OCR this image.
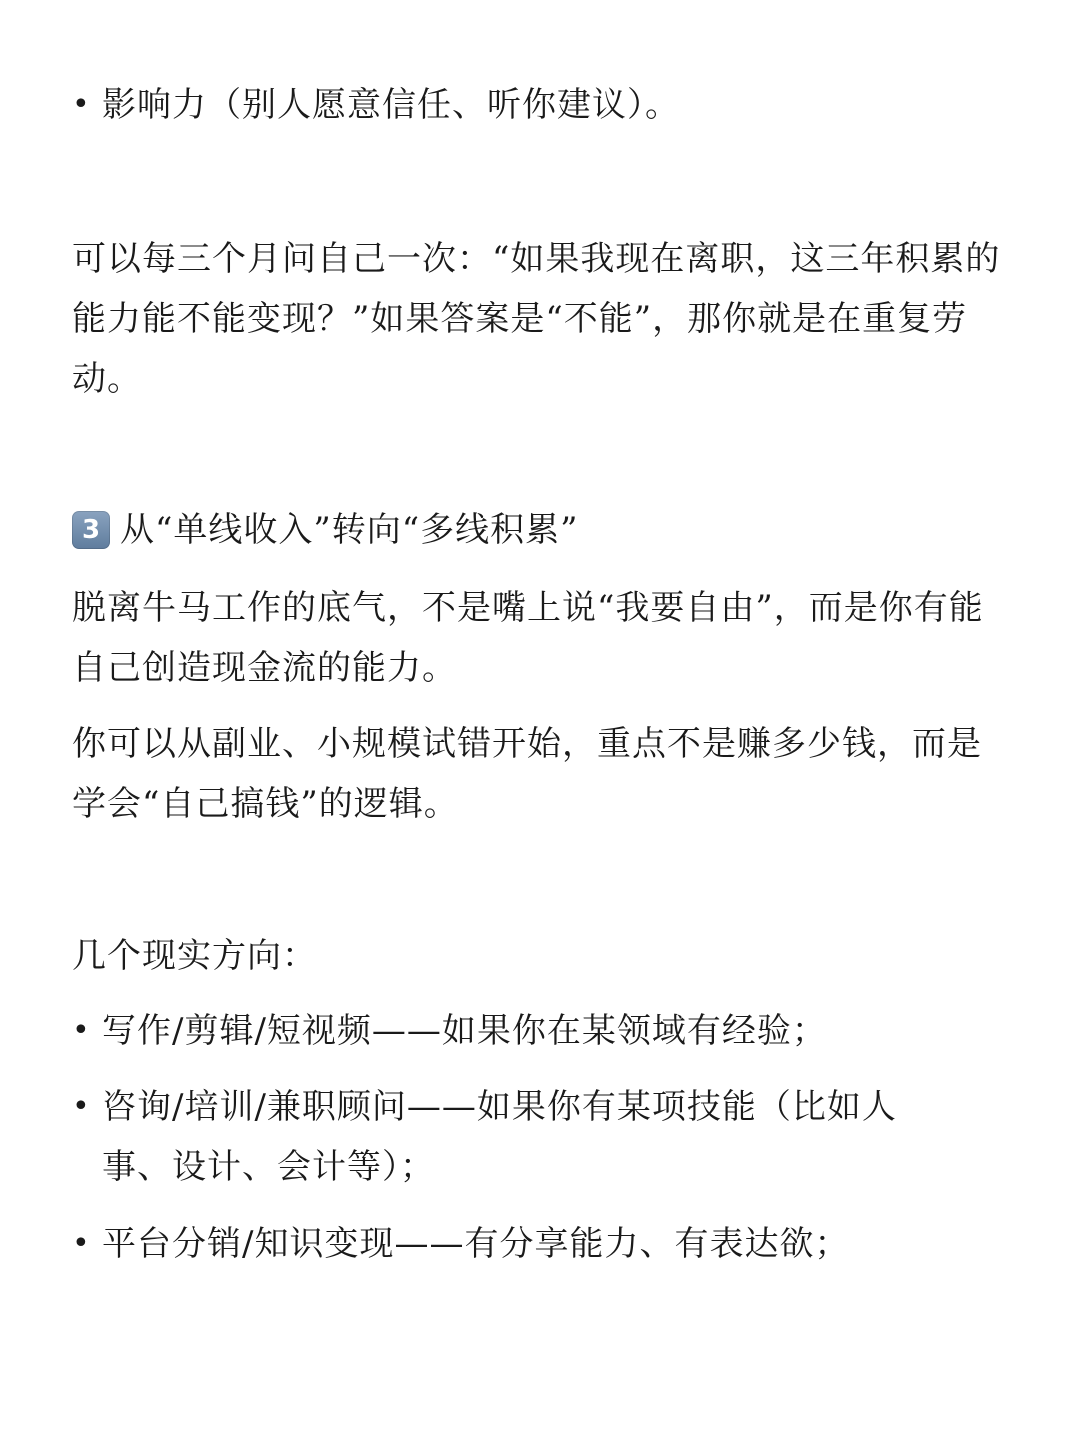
• 影响力（别人愿意信任、听你建议）。

可以每三个月问自己一次：“如果我现在离职，这三年积累的能力能不能变现？”如果答案是“不能”，那你就是在重复劳动。

3 从“单线收入”转向“多线积累”

脱离牛马工作的底气，不是嘴上说“我要自由”，而是你有能自己创造现金流的能力。

你可以从副业、小规模试错开始，重点不是赚多少钱，而是学会“自己搞钱”的逻辑。

几个现实方向：

• 写作/剪辑/短视频——如果你在某领域有经验；
• 咨询/培训/兼职顾问——如果你有某项技能（比如人事、设计、会计等）；
• 平台分销/知识变现——有分享能力、有表达欲；
